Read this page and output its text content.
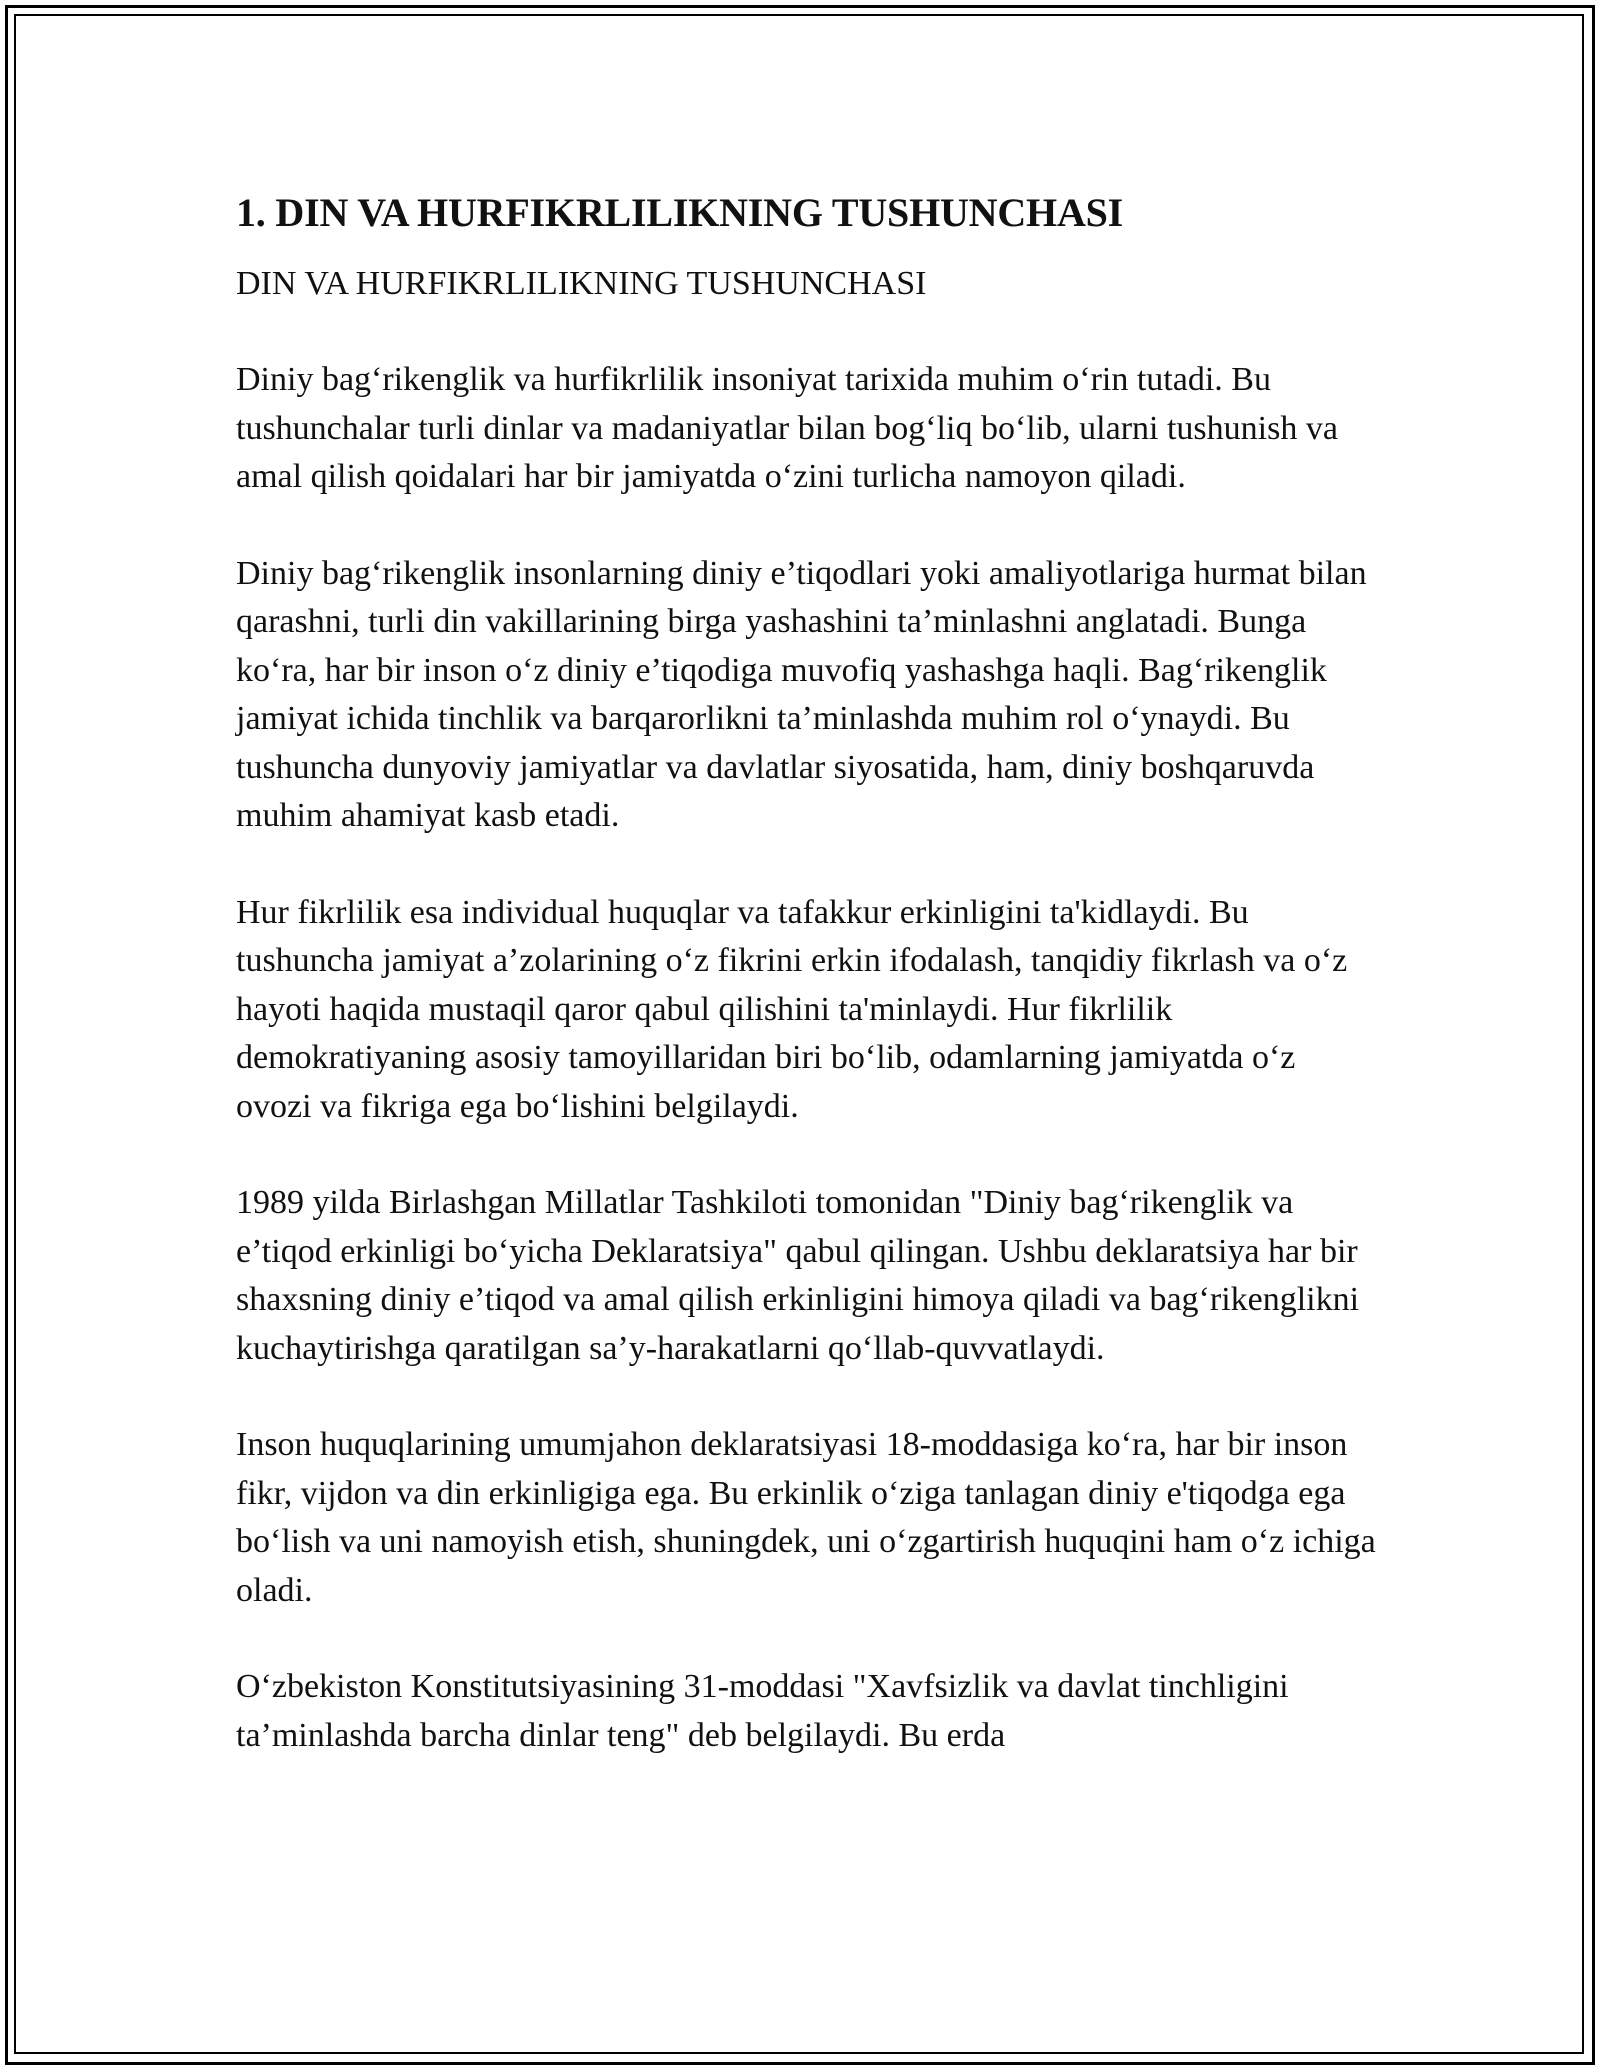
1. DIN VA HURFIKRLILIKNING TUSHUNCHASI

DIN VA HURFIKRLILIKNING TUSHUNCHASI

Diniy bag‘rikenglik va hurfikrlilik insoniyat tarixida muhim o‘rin tutadi. Bu tushunchalar turli dinlar va madaniyatlar bilan bog‘liq bo‘lib, ularni tushunish va amal qilish qoidalari har bir jamiyatda o‘zini turlicha namoyon qiladi.

Diniy bag‘rikenglik insonlarning diniy e’tiqodlari yoki amaliyotlariga hurmat bilan qarashni, turli din vakillarining birga yashashini ta’minlashni anglatadi. Bunga ko‘ra, har bir inson o‘z diniy e’tiqodiga muvofiq yashashga haqli. Bag‘rikenglik jamiyat ichida tinchlik va barqarorlikni ta’minlashda muhim rol o‘ynaydi. Bu tushuncha dunyoviy jamiyatlar va davlatlar siyosatida, ham, diniy boshqaruvda muhim ahamiyat kasb etadi.

Hur fikrlilik esa individual huquqlar va tafakkur erkinligini ta'kidlaydi. Bu tushuncha jamiyat a’zolarining o‘z fikrini erkin ifodalash, tanqidiy fikrlash va o‘z hayoti haqida mustaqil qaror qabul qilishini ta'minlaydi. Hur fikrlilik demokratiyaning asosiy tamoyillaridan biri bo‘lib, odamlarning jamiyatda o‘z ovozi va fikriga ega bo‘lishini belgilaydi.

1989 yilda Birlashgan Millatlar Tashkiloti tomonidan "Diniy bag‘rikenglik va e’tiqod erkinligi bo‘yicha Deklaratsiya" qabul qilingan. Ushbu deklaratsiya har bir shaxsning diniy e’tiqod va amal qilish erkinligini himoya qiladi va bag‘rikenglikni kuchaytirishga qaratilgan sa’y-harakatlarni qo‘llab-quvvatlaydi.

Inson huquqlarining umumjahon deklaratsiyasi 18-moddasiga ko‘ra, har bir inson fikr, vijdon va din erkinligiga ega. Bu erkinlik o‘ziga tanlagan diniy e'tiqodga ega bo‘lish va uni namoyish etish, shuningdek, uni o‘zgartirish huquqini ham o‘z ichiga oladi.

O‘zbekiston Konstitutsiyasining 31-moddasi "Xavfsizlik va davlat tinchligini ta’minlashda barcha dinlar teng" deb belgilaydi. Bu erda
